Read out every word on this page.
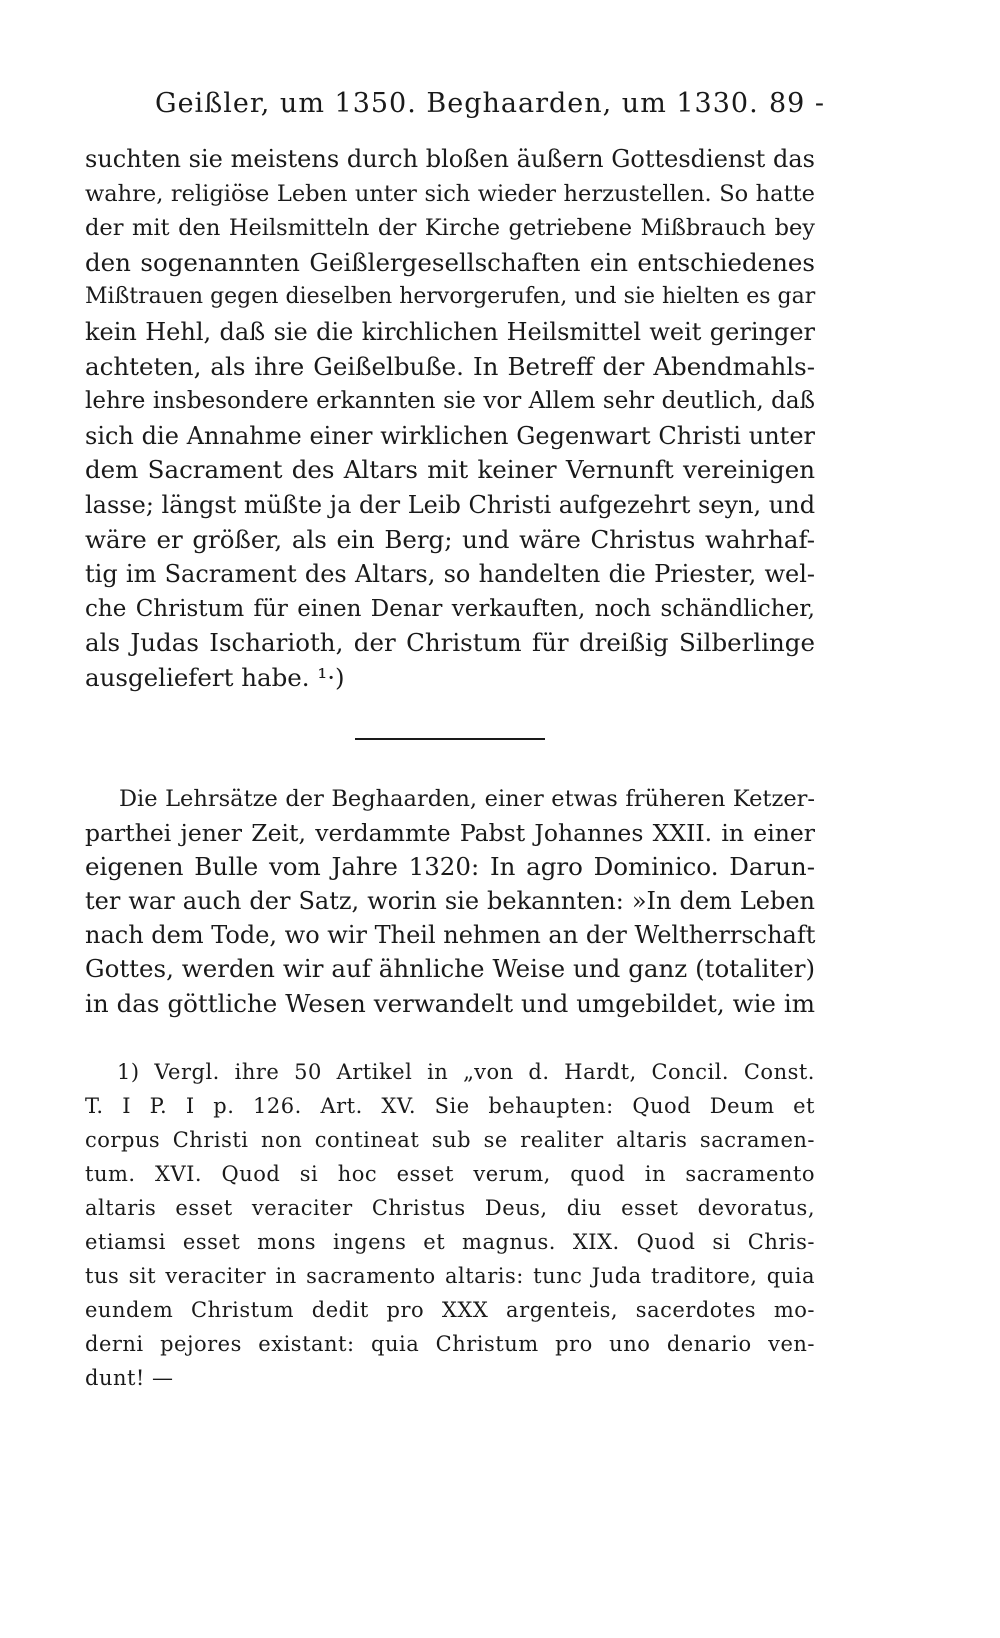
Geißler, um 1350. Beghaarden, um 1330. 89 -
suchten sie meistens durch bloßen äußern Gottesdienst das
wahre, religiöse Leben unter sich wieder herzustellen. So hatte
der mit den Heilsmitteln der Kirche getriebene Mißbrauch bey
den sogenannten Geißlergesellschaften ein entschiedenes
Mißtrauen gegen dieselben hervorgerufen, und sie hielten es gar
kein Hehl, daß sie die kirchlichen Heilsmittel weit geringer
achteten, als ihre Geißelbuße. In Betreff der Abendmahls-
lehre insbesondere erkannten sie vor Allem sehr deutlich, daß
sich die Annahme einer wirklichen Gegenwart Christi unter
dem Sacrament des Altars mit keiner Vernunft vereinigen
lasse; längst müßte ja der Leib Christi aufgezehrt seyn, und
wäre er größer, als ein Berg; und wäre Christus wahrhaf-
tig im Sacrament des Altars, so handelten die Priester, wel-
che Christum für einen Denar verkauften, noch schändlicher,
als Judas Ischarioth, der Christum für dreißig Silberlinge
ausgeliefert habe. ¹·)
Die Lehrsätze der Beghaarden, einer etwas früheren Ketzer-
parthei jener Zeit, verdammte Pabst Johannes XXII. in einer
eigenen Bulle vom Jahre 1320: In agro Dominico. Darun-
ter war auch der Satz, worin sie bekannten: »In dem Leben
nach dem Tode, wo wir Theil nehmen an der Weltherrschaft
Gottes, werden wir auf ähnliche Weise und ganz (totaliter)
in das göttliche Wesen verwandelt und umgebildet, wie im
1) Vergl. ihre 50 Artikel in „von d. Hardt, Concil. Const.
T. I P. I p. 126. Art. XV. Sie behaupten: Quod Deum et
corpus Christi non contineat sub se realiter altaris sacramen-
tum. XVI. Quod si hoc esset verum, quod in sacramento
altaris esset veraciter Christus Deus, diu esset devoratus,
etiamsi esset mons ingens et magnus. XIX. Quod si Chris-
tus sit veraciter in sacramento altaris: tunc Juda traditore, quia
eundem Christum dedit pro XXX argenteis, sacerdotes mo-
derni pejores existant: quia Christum pro uno denario ven-
dunt! —
